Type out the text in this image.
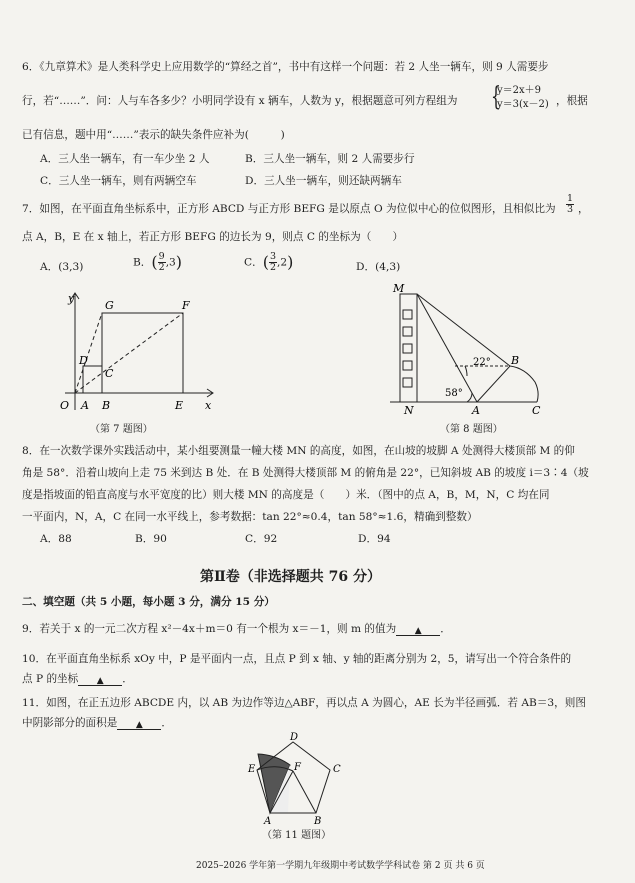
6．《九章算术》是人类科学史上应用数学的“算经之首”，书中有这样一个问题：若 2 人坐一辆车，则 9 人需要步
行，若“……”．问：人与车各多少？小明同学设有 x 辆车，人数为 y，根据题意可列方程组为 {
y＝2x＋9
y＝3(x－2) ，根据
已有信息，题中用“……”表示的缺失条件应补为(　　　)
A．三人坐一辆车，有一车少坐 2 人	B．三人坐一辆车，则 2 人需要步行
C．三人坐一辆车，则有两辆空车	D．三人坐一辆车，则还缺两辆车
7．如图，在平面直角坐标系中，正方形 ABCD 与正方形 BEFG 是以原点 O 为位似中心的位似图形，且相似比为 $\frac{1}{3}$ ，
点 A，B，E 在 x 轴上，若正方形 BEFG 的边长为 9，则点 C 的坐标为（　　）
A．(3,3)	B．( $\frac{9}{2} ,3$)	C．( $\frac{3}{2} ,2$)	D．(4,3)
y
x
G	F
D
C
O A B	E
（第 7 题图）
M
N	A
B
C
22°
58°
（第 8 题图）
8．在一次数学课外实践活动中，某小组要测量一幢大楼 MN 的高度，如图，在山坡的坡脚 A 处测得大楼顶部 M 的仰
角是 58°．沿着山坡向上走 75 米到达 B 处．在 B 处测得大楼顶部 M 的俯角是 22°，已知斜坡 AB 的坡度 i＝3∶4（坡
度是指坡面的铅直高度与水平宽度的比）则大楼 MN 的高度是（　　）米．（图中的点 A，B，M，N，C 均在同
一平面内，N，A，C 在同一水平线上，参考数据：tan 22°≈0.4，tan 58°≈1.6，精确到整数）
A．88	B．90	C．92	D．94
第Ⅱ卷（非选择题共 76 分）
二、填空题（共 5 小题，每小题 3 分，满分 15 分）
9．若关于 x 的一元二次方程 x²－4x＋m＝0 有一个根为 x＝－1，则 m 的值为 ▲ ．
10．在平面直角坐标系 xOy 中，P 是平面内一点，且点 P 到 x 轴、y 轴的距离分别为 2，5，请写出一个符合条件的
点 P 的坐标 ▲ ．
11．如图，在正五边形 ABCDE 内，以 AB 为边作等边△ABF，再以点 A 为圆心，AE 长为半径画弧．若 AB＝3，则图
中阴影部分的面积是 ▲ ．
D
E	F	C
A	B
（第 11 题图）
2025–2026 学年第一学期九年级期中考试数学学科试卷 第 2 页 共 6 页
